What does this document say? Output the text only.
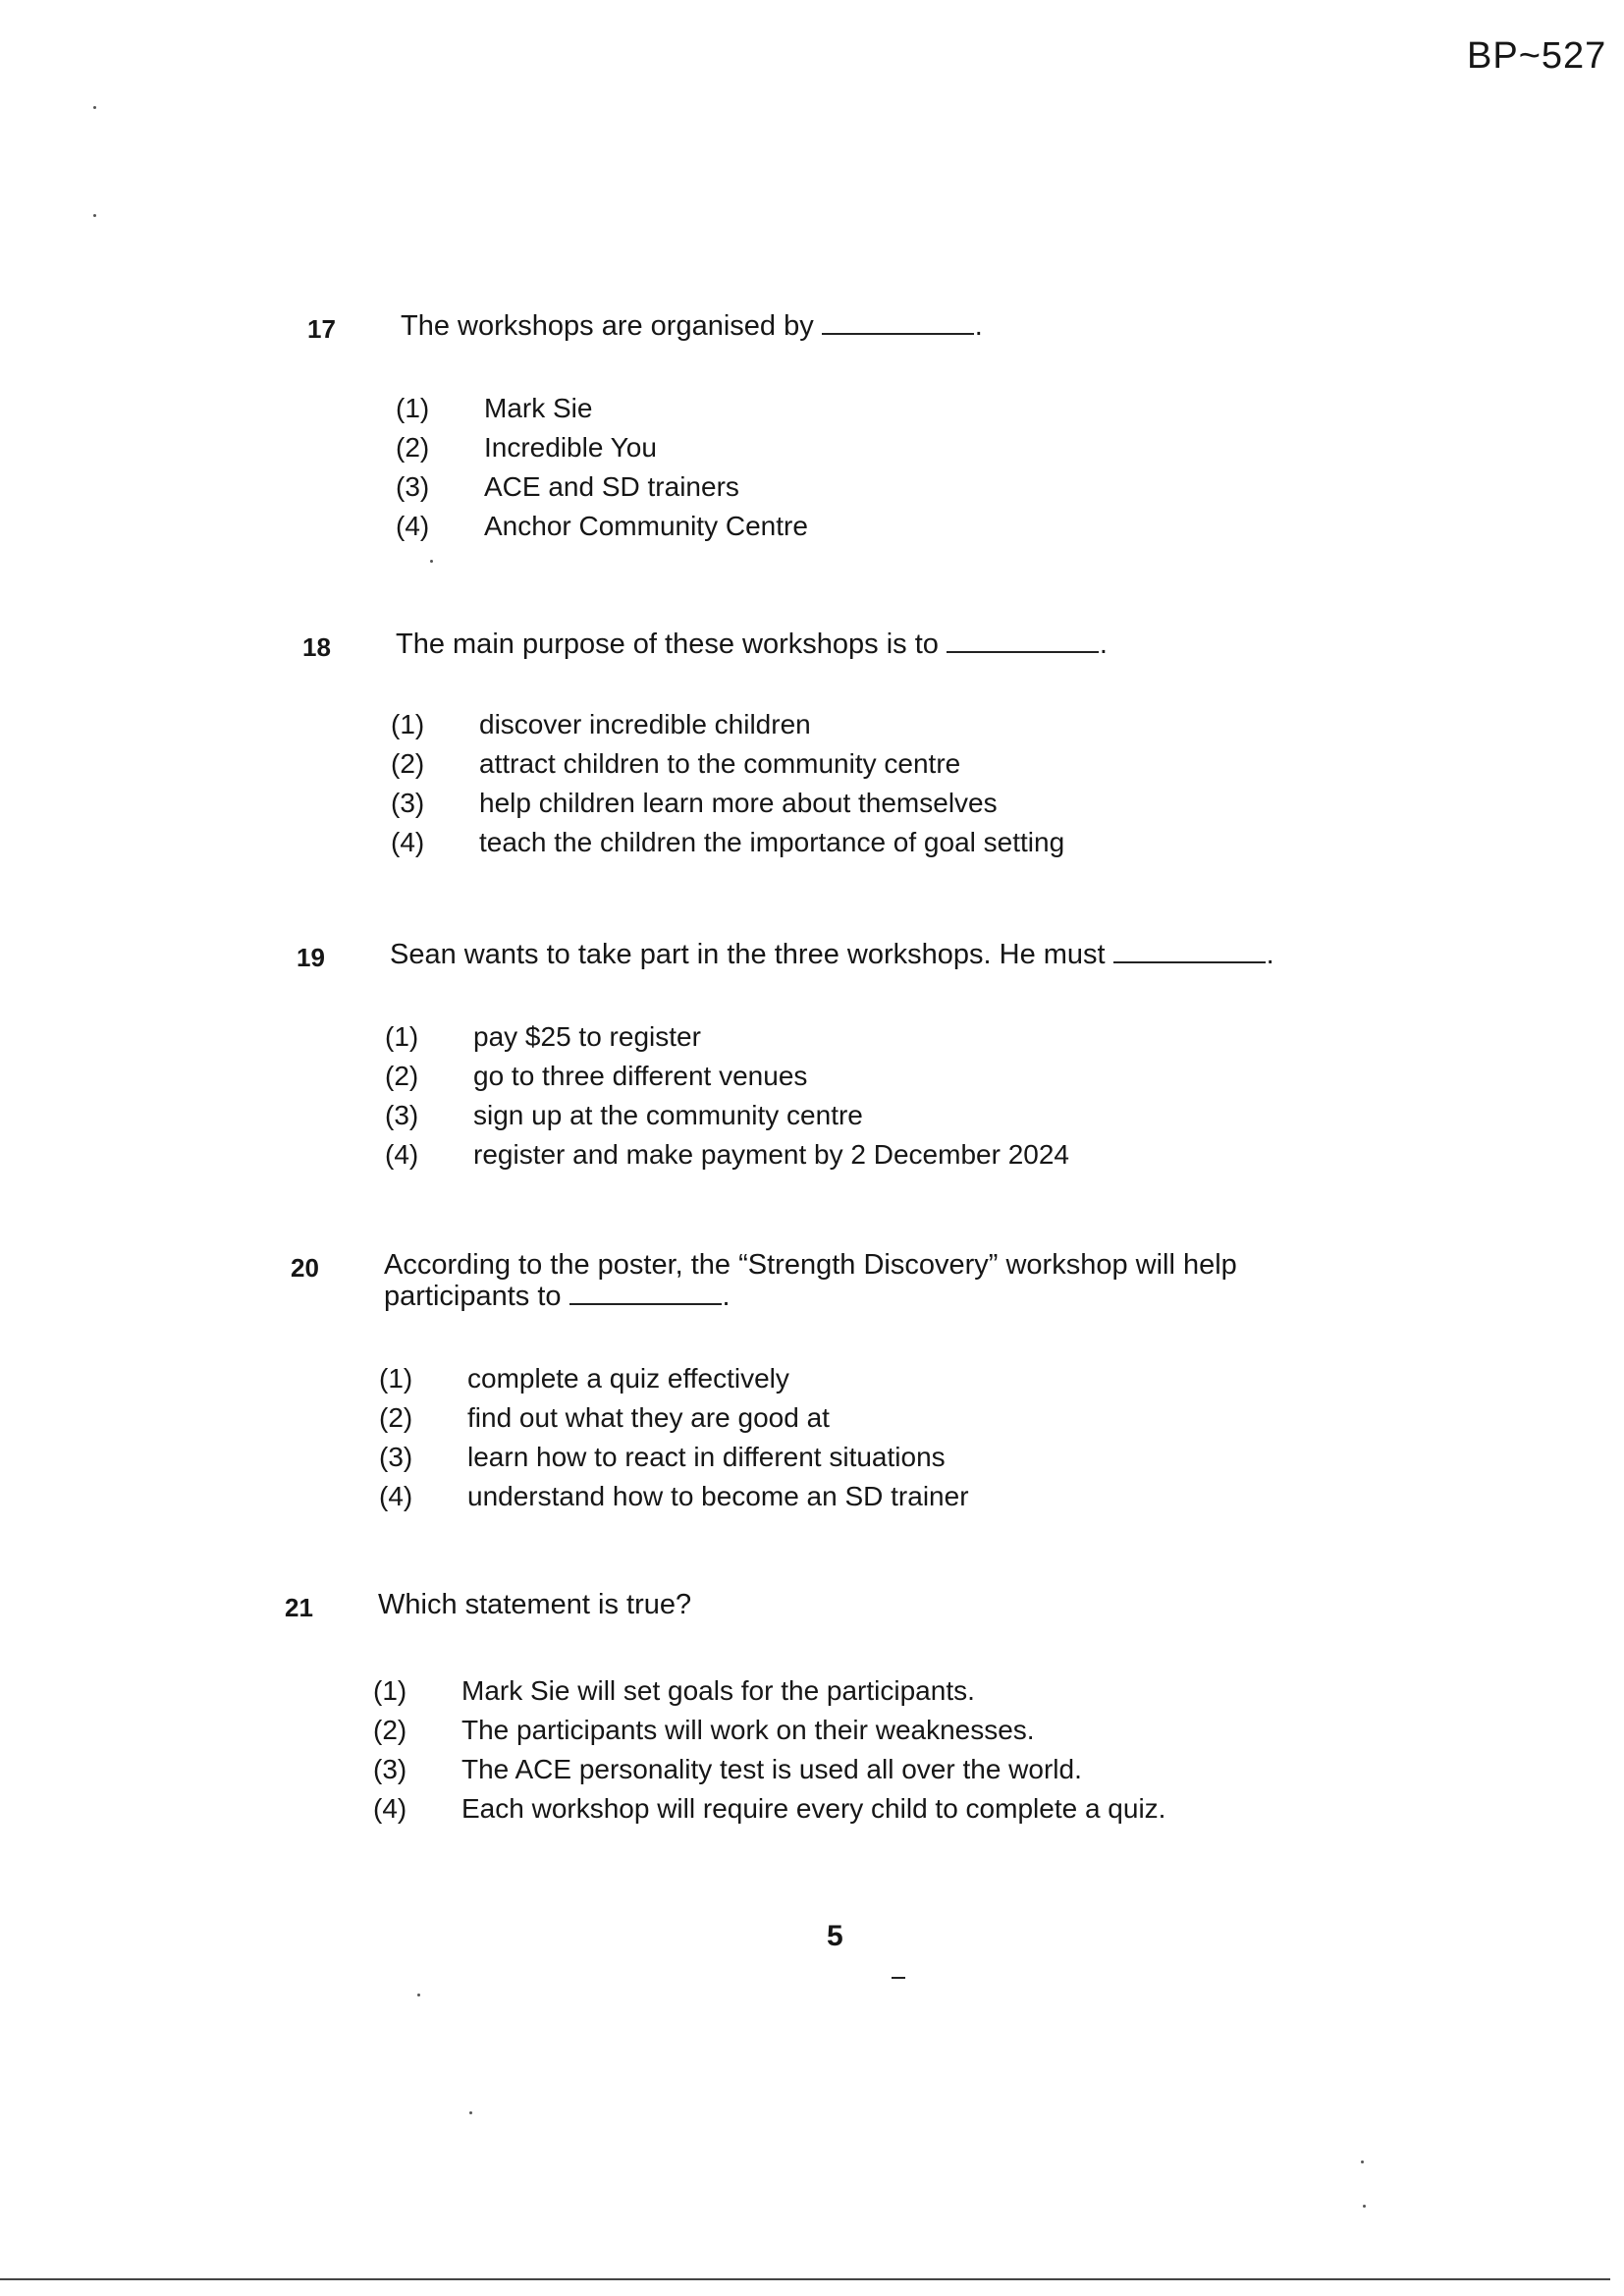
BP~527
17 The workshops are organised by	.
(1) Mark Sie
(2) Incredible You
(3) ACE and SD trainers
(4) Anchor Community Centre
18 The main purpose of these workshops is to	.
(1) discover incredible children
(2) attract children to the community centre
(3) help children learn more about themselves
(4) teach the children the importance of goal setting
19 Sean wants to take part in the three workshops. He must	.
(1) pay $25 to register
(2) go to three different venues
(3) sign up at the community centre
(4) register and make payment by 2 December 2024
20 According to the poster, the “Strength Discovery” workshop will help participants to	.
(1) complete a quiz effectively
(2) find out what they are good at
(3) learn how to react in different situations
(4) understand how to become an SD trainer
21 Which statement is true?
(1) Mark Sie will set goals for the participants.
(2) The participants will work on their weaknesses.
(3) The ACE personality test is used all over the world.
(4) Each workshop will require every child to complete a quiz.
5
